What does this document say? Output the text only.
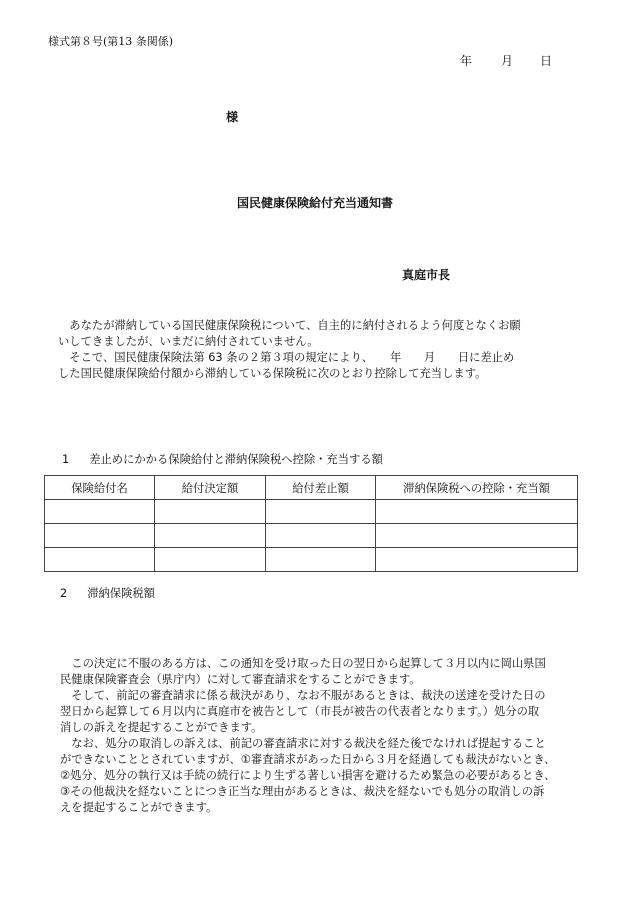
様式第８号(第13 条関係)
年 月 日
様
国民健康保険給付充当通知書
真庭市長

　あなたが滞納している国民健康保険税について、自主的に納付されるよう何度となくお願

いしてきましたが、いまだに納付されていません。

　そこで、国民健康保険法第 63 条の２第３項の規定により、　　年　　月　　日に差止め

した国民健康保険給付額から滞納している保険税に次のとおり控除して充当します。

1 差止めにかかる保険給付と滞納保険税へ控除・充当する額
保険給付名	給付決定額	給付差止額	滞納保険税への控除・充当額

2 滞納保険税額

　この決定に不服のある方は、この通知を受け取った日の翌日から起算して３月以内に岡山県国

民健康保険審査会（県庁内）に対して審査請求をすることができます。

　そして、前記の審査請求に係る裁決があり、なお不服があるときは、裁決の送達を受けた日の

翌日から起算して６月以内に真庭市を被告として（市長が被告の代表者となります。）処分の取

消しの訴えを提起することができます。

　なお、処分の取消しの訴えは、前記の審査請求に対する裁決を経た後でなければ提起すること

ができないこととされていますが、①審査請求があった日から３月を経過しても裁決がないとき、

②処分、処分の執行又は手続の続行により生ずる著しい損害を避けるため緊急の必要があるとき、

③その他裁決を経ないことにつき正当な理由があるときは、裁決を経ないでも処分の取消しの訴

えを提起することができます。
